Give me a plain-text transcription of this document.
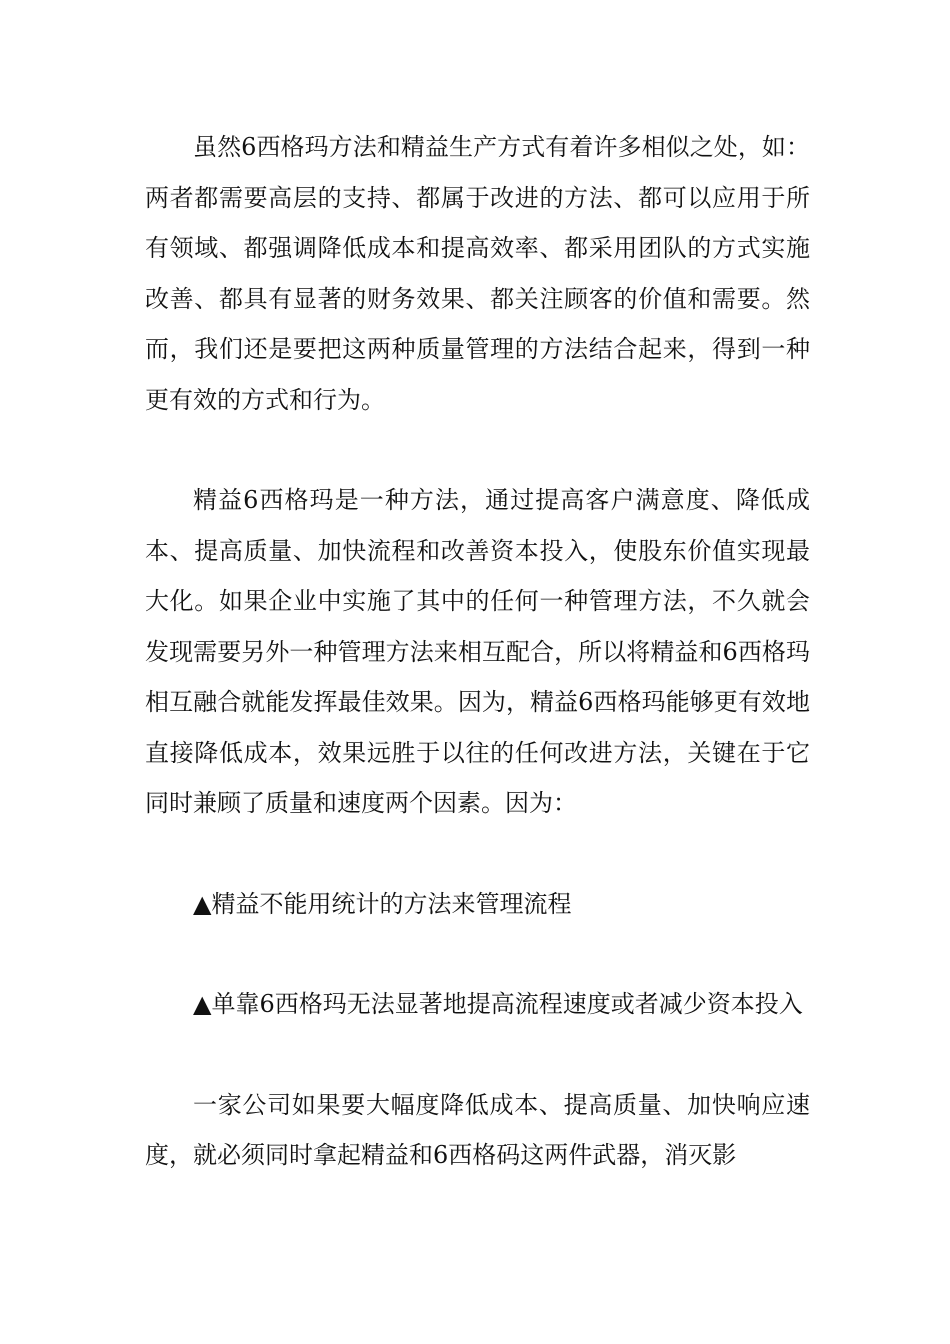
虽然6西格玛方法和精益生产方式有着许多相似之处，如：两者都需要高层的支持、都属于改进的方法、都可以应用于所有领域、都强调降低成本和提高效率、都采用团队的方式实施改善、都具有显著的财务效果、都关注顾客的价值和需要。然而，我们还是要把这两种质量管理的方法结合起来，得到一种更有效的方式和行为。

精益6西格玛是一种方法，通过提高客户满意度、降低成本、提高质量、加快流程和改善资本投入，使股东价值实现最大化。如果企业中实施了其中的任何一种管理方法，不久就会发现需要另外一种管理方法来相互配合，所以将精益和6西格玛相互融合就能发挥最佳效果。因为，精益6西格玛能够更有效地直接降低成本，效果远胜于以往的任何改进方法，关键在于它同时兼顾了质量和速度两个因素。因为：

▲精益不能用统计的方法来管理流程

▲单靠6西格玛无法显著地提高流程速度或者减少资本投入

一家公司如果要大幅度降低成本、提高质量、加快响应速度，就必须同时拿起精益和6西格码这两件武器，消灭影
